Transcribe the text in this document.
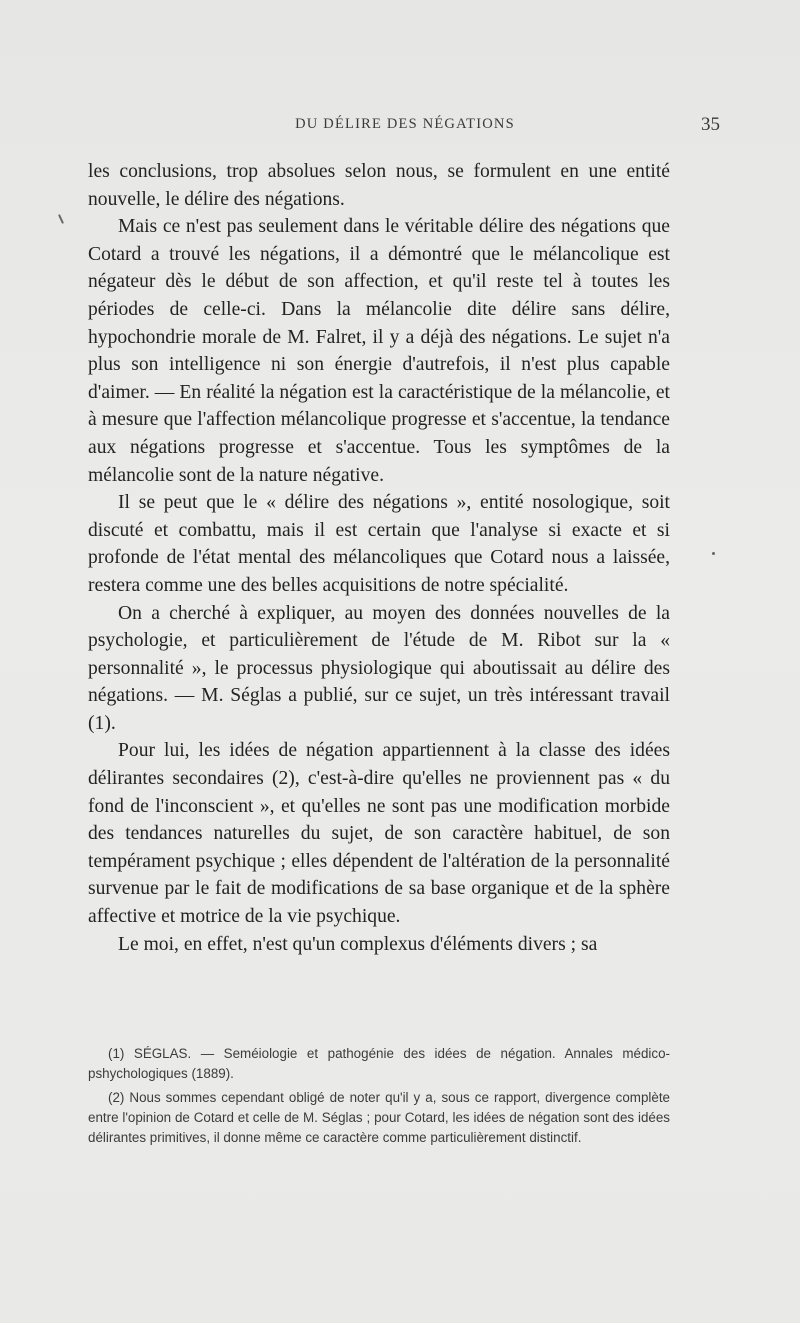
DU DÉLIRE DES NÉGATIONS	35

les conclusions, trop absolues selon nous, se formulent en une entité nouvelle, le délire des négations.

Mais ce n'est pas seulement dans le véritable délire des négations que Cotard a trouvé les négations, il a démontré que le mélancolique est négateur dès le début de son affection, et qu'il reste tel à toutes les périodes de celle-ci. Dans la mélancolie dite délire sans délire, hypochondrie morale de M. Falret, il y a déjà des négations. Le sujet n'a plus son intelligence ni son énergie d'autrefois, il n'est plus capable d'aimer. — En réalité la négation est la caractéristique de la mélancolie, et à mesure que l'affection mélancolique progresse et s'accentue, la tendance aux négations progresse et s'accentue. Tous les symptômes de la mélancolie sont de la nature négative.

Il se peut que le « délire des négations », entité nosologique, soit discuté et combattu, mais il est certain que l'analyse si exacte et si profonde de l'état mental des mélancoliques que Cotard nous a laissée, restera comme une des belles acquisitions de notre spécialité.

On a cherché à expliquer, au moyen des données nouvelles de la psychologie, et particulièrement de l'étude de M. Ribot sur la « personnalité », le processus physiologique qui aboutissait au délire des négations. — M. Séglas a publié, sur ce sujet, un très intéressant travail (1).

Pour lui, les idées de négation appartiennent à la classe des idées délirantes secondaires (2), c'est-à-dire qu'elles ne proviennent pas « du fond de l'inconscient », et qu'elles ne sont pas une modification morbide des tendances naturelles du sujet, de son caractère habituel, de son tempérament psychique ; elles dépendent de l'altération de la personnalité survenue par le fait de modifications de sa base organique et de la sphère affective et motrice de la vie psychique.

Le moi, en effet, n'est qu'un complexus d'éléments divers ; sa

(1) SÉGLAS. — Seméiologie et pathogénie des idées de négation. Annales médico-pshychologiques (1889).

(2) Nous sommes cependant obligé de noter qu'il y a, sous ce rapport, divergence complète entre l'opinion de Cotard et celle de M. Séglas ; pour Cotard, les idées de négation sont des idées délirantes primitives, il donne même ce caractère comme particulièrement distinctif.
